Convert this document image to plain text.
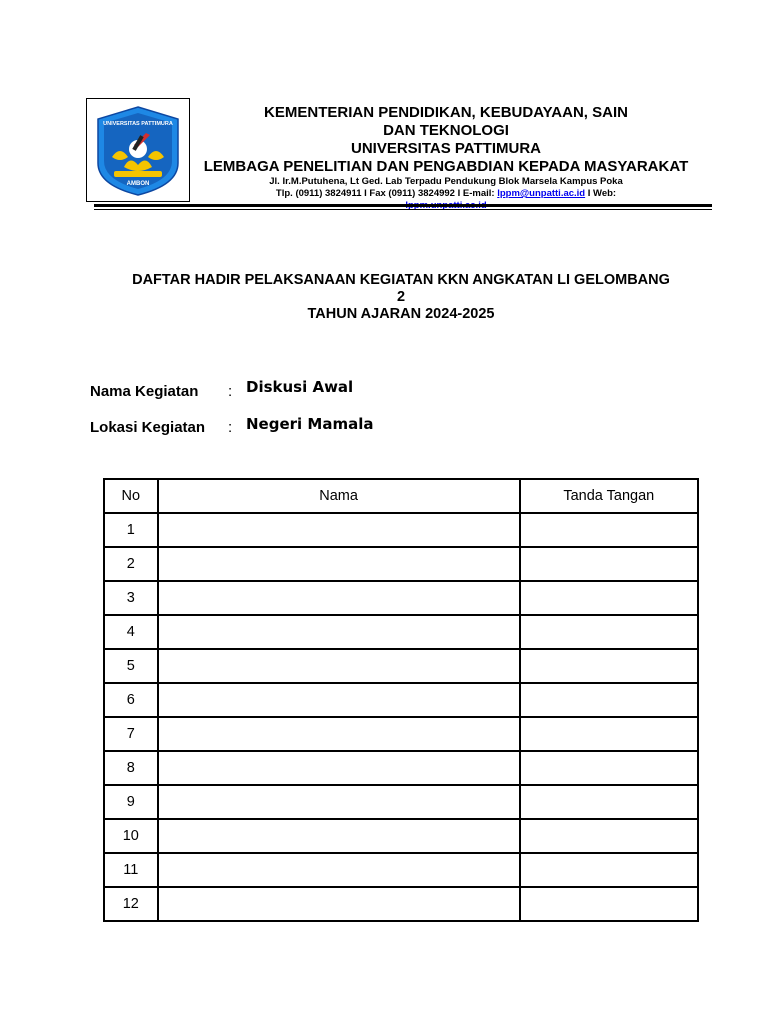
AMBON
UNIVERSITAS PATTIMURA
KEMENTERIAN PENDIDIKAN, KEBUDAYAAN, SAIN
DAN TEKNOLOGI
UNIVERSITAS PATTIMURA
LEMBAGA PENELITIAN DAN PENGABDIAN KEPADA MASYARAKAT
Jl. Ir.M.Putuhena, Lt Ged. Lab Terpadu Pendukung Blok Marsela Kampus Poka
Tlp. (0911) 3824911 I Fax (0911) 3824992 I E-mail: lppm@unpatti.ac.id I Web:

DAFTAR HADIR PELAKSANAAN KEGIATAN KKN ANGKATAN LI GELOMBANG
2
TAHUN AJARAN 2024-2025
Nama Kegiatan : Diskusi Awal
Lokasi Kegiatan : Negeri Mamala
No	Nama	Tanda Tangan
1		
2		
3		
4		
5		
6		
7		
8		
9		
10		
11		
12		
